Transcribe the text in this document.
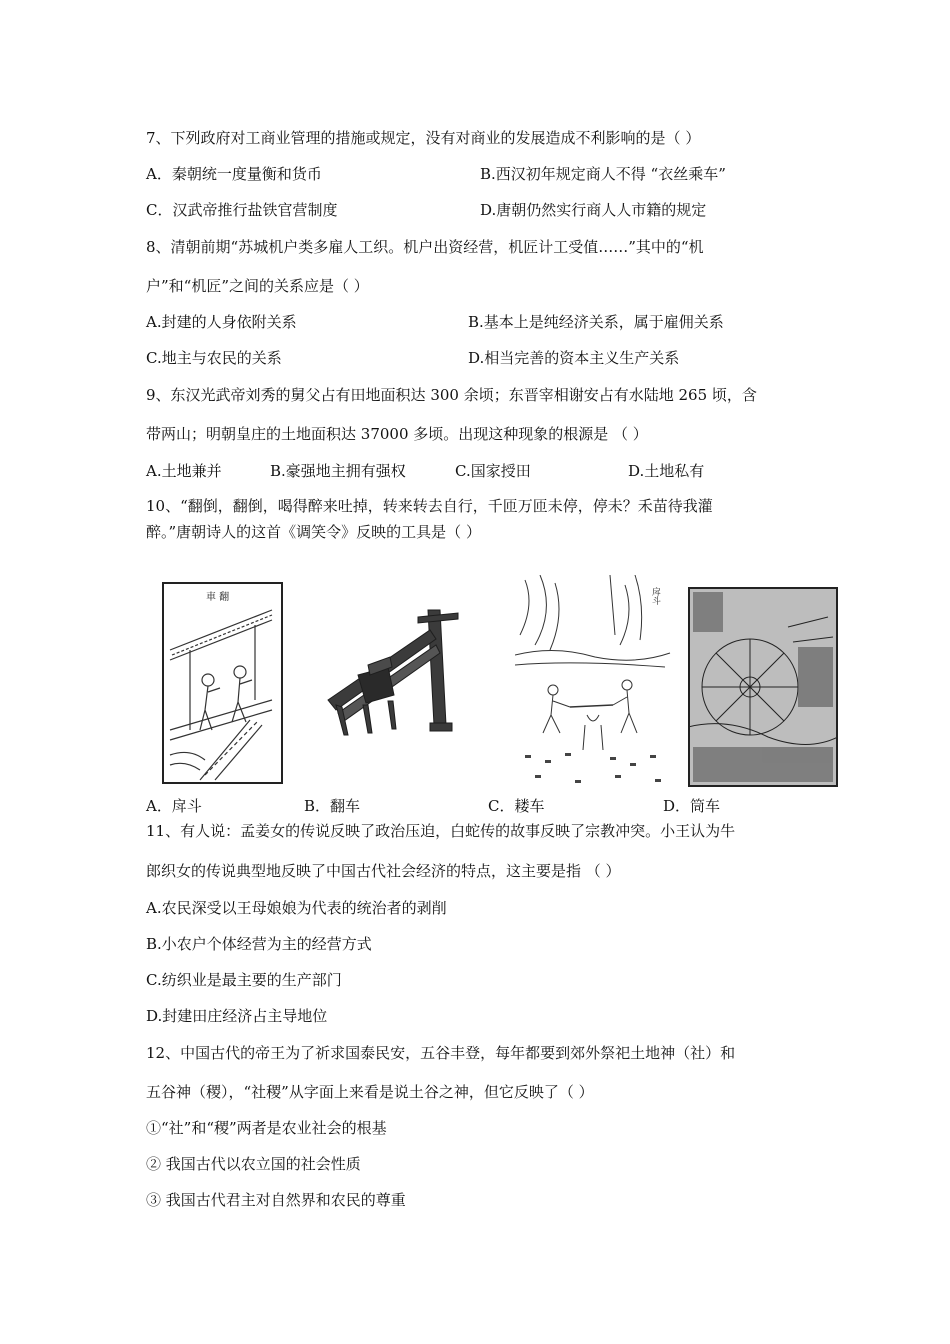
7、下列政府对工商业管理的措施或规定，没有对商业的发展造成不利影响的是（ ）
A．秦朝统一度量衡和货币	B.西汉初年规定商人不得 “衣丝乘车”
C．汉武帝推行盐铁官营制度	D.唐朝仍然实行商人人市籍的规定
8、清朝前期“苏城机户类多雇人工织。机户出资经营，机匠计工受值……”其中的“机
户”和“机匠”之间的关系应是（ ）
A.封建的人身依附关系	B.基本上是纯经济关系，属于雇佣关系
C.地主与农民的关系	D.相当完善的资本主义生产关系
9、东汉光武帝刘秀的舅父占有田地面积达 300 余顷；东晋宰相谢安占有水陆地 265 顷，含
带两山；明朝皇庄的土地面积达 37000 多顷。出现这种现象的根源是 （ ）
A.土地兼并	B.豪强地主拥有强权	C.国家授田	D.土地私有
10、“翻倒，翻倒，喝得醉来吐掉，转来转去自行，千匝万匝未停，停未？禾苗待我灌
醉。”唐朝诗人的这首《调笑令》反映的工具是（ ）
車 翻	戽斗
A．戽斗	B．翻车	C．耧车	D．筒车
11、有人说：孟姜女的传说反映了政治压迫，白蛇传的故事反映了宗教冲突。小王认为牛
郎织女的传说典型地反映了中国古代社会经济的特点，这主要是指 （ ）
A.农民深受以王母娘娘为代表的统治者的剥削
B.小农户个体经营为主的经营方式
C.纺织业是最主要的生产部门
D.封建田庄经济占主导地位
12、中国古代的帝王为了祈求国泰民安，五谷丰登，每年都要到郊外祭祀土地神（社）和
五谷神（稷），“社稷”从字面上来看是说土谷之神，但它反映了（ ）
①“社”和“稷”两者是农业社会的根基
② 我国古代以农立国的社会性质
③ 我国古代君主对自然界和农民的尊重
